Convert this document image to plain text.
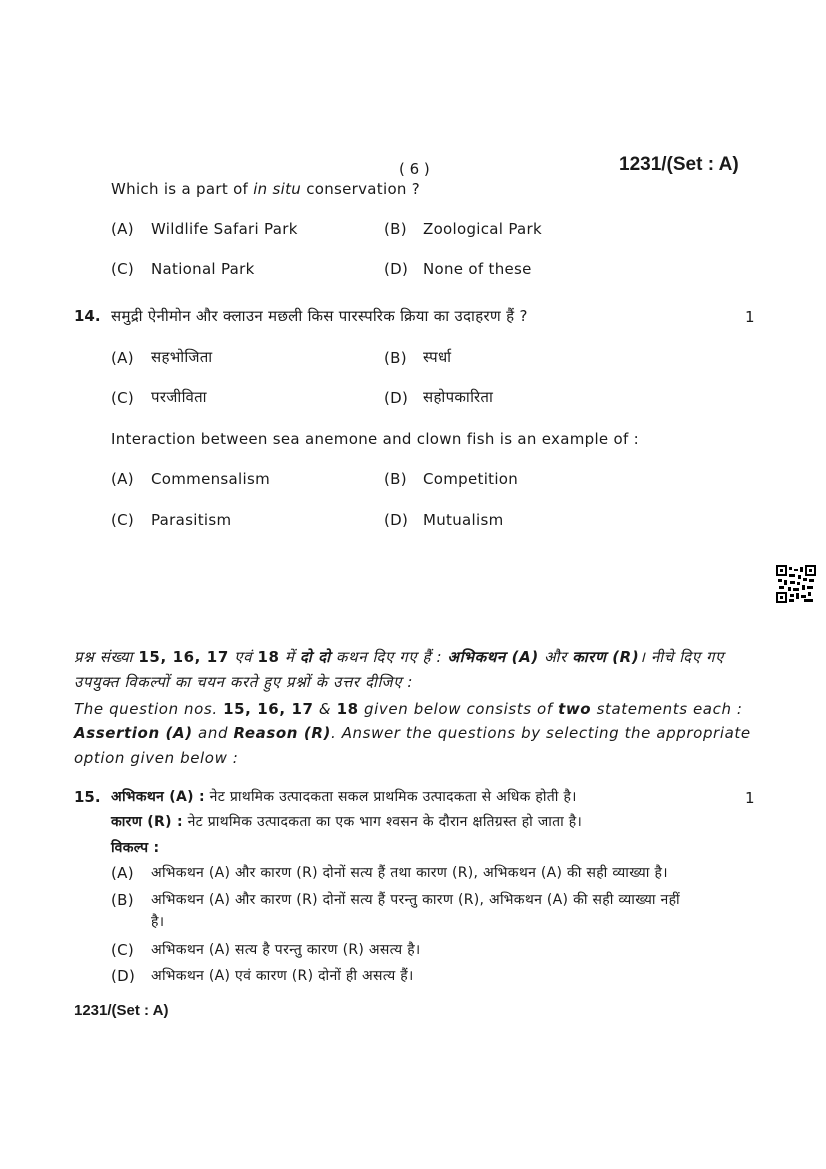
( 6 )	1231/(Set : A)
Which is a part of in situ conservation ?
(A) Wildlife Safari Park	(B) Zoological Park
(C) National Park	(D) None of these
14. समुद्री ऐनीमोन और क्लाउन मछली किस पारस्परिक क्रिया का उदाहरण हैं ?	1
(A) सहभोजिता	(B) स्पर्धा
(C) परजीविता	(D) सहोपकारिता
Interaction between sea anemone and clown fish is an example of :
(A) Commensalism	(B) Competition
(C) Parasitism	(D) Mutualism
प्रश्न संख्या 15, 16, 17 एवं 18 में दो दो कथन दिए गए हैं : अभिकथन (A) और कारण (R)। नीचे दिए गए
उपयुक्त विकल्पों का चयन करते हुए प्रश्नों के उत्तर दीजिए :
The question nos. 15, 16, 17 & 18 given below consists of two statements each :
Assertion (A) and Reason (R). Answer the questions by selecting the appropriate
option given below :
15. अभिकथन (A) : नेट प्राथमिक उत्पादकता सकल प्राथमिक उत्पादकता से अधिक होती है।	1
कारण (R) : नेट प्राथमिक उत्पादकता का एक भाग श्वसन के दौरान क्षतिग्रस्त हो जाता है।
विकल्प :
(A) अभिकथन (A) और कारण (R) दोनों सत्य हैं तथा कारण (R), अभिकथन (A) की सही व्याख्या है।
(B) अभिकथन (A) और कारण (R) दोनों सत्य हैं परन्तु कारण (R), अभिकथन (A) की सही व्याख्या नहीं
है।
(C) अभिकथन (A) सत्य है परन्तु कारण (R) असत्य है।
(D) अभिकथन (A) एवं कारण (R) दोनों ही असत्य हैं।
1231/(Set : A)
